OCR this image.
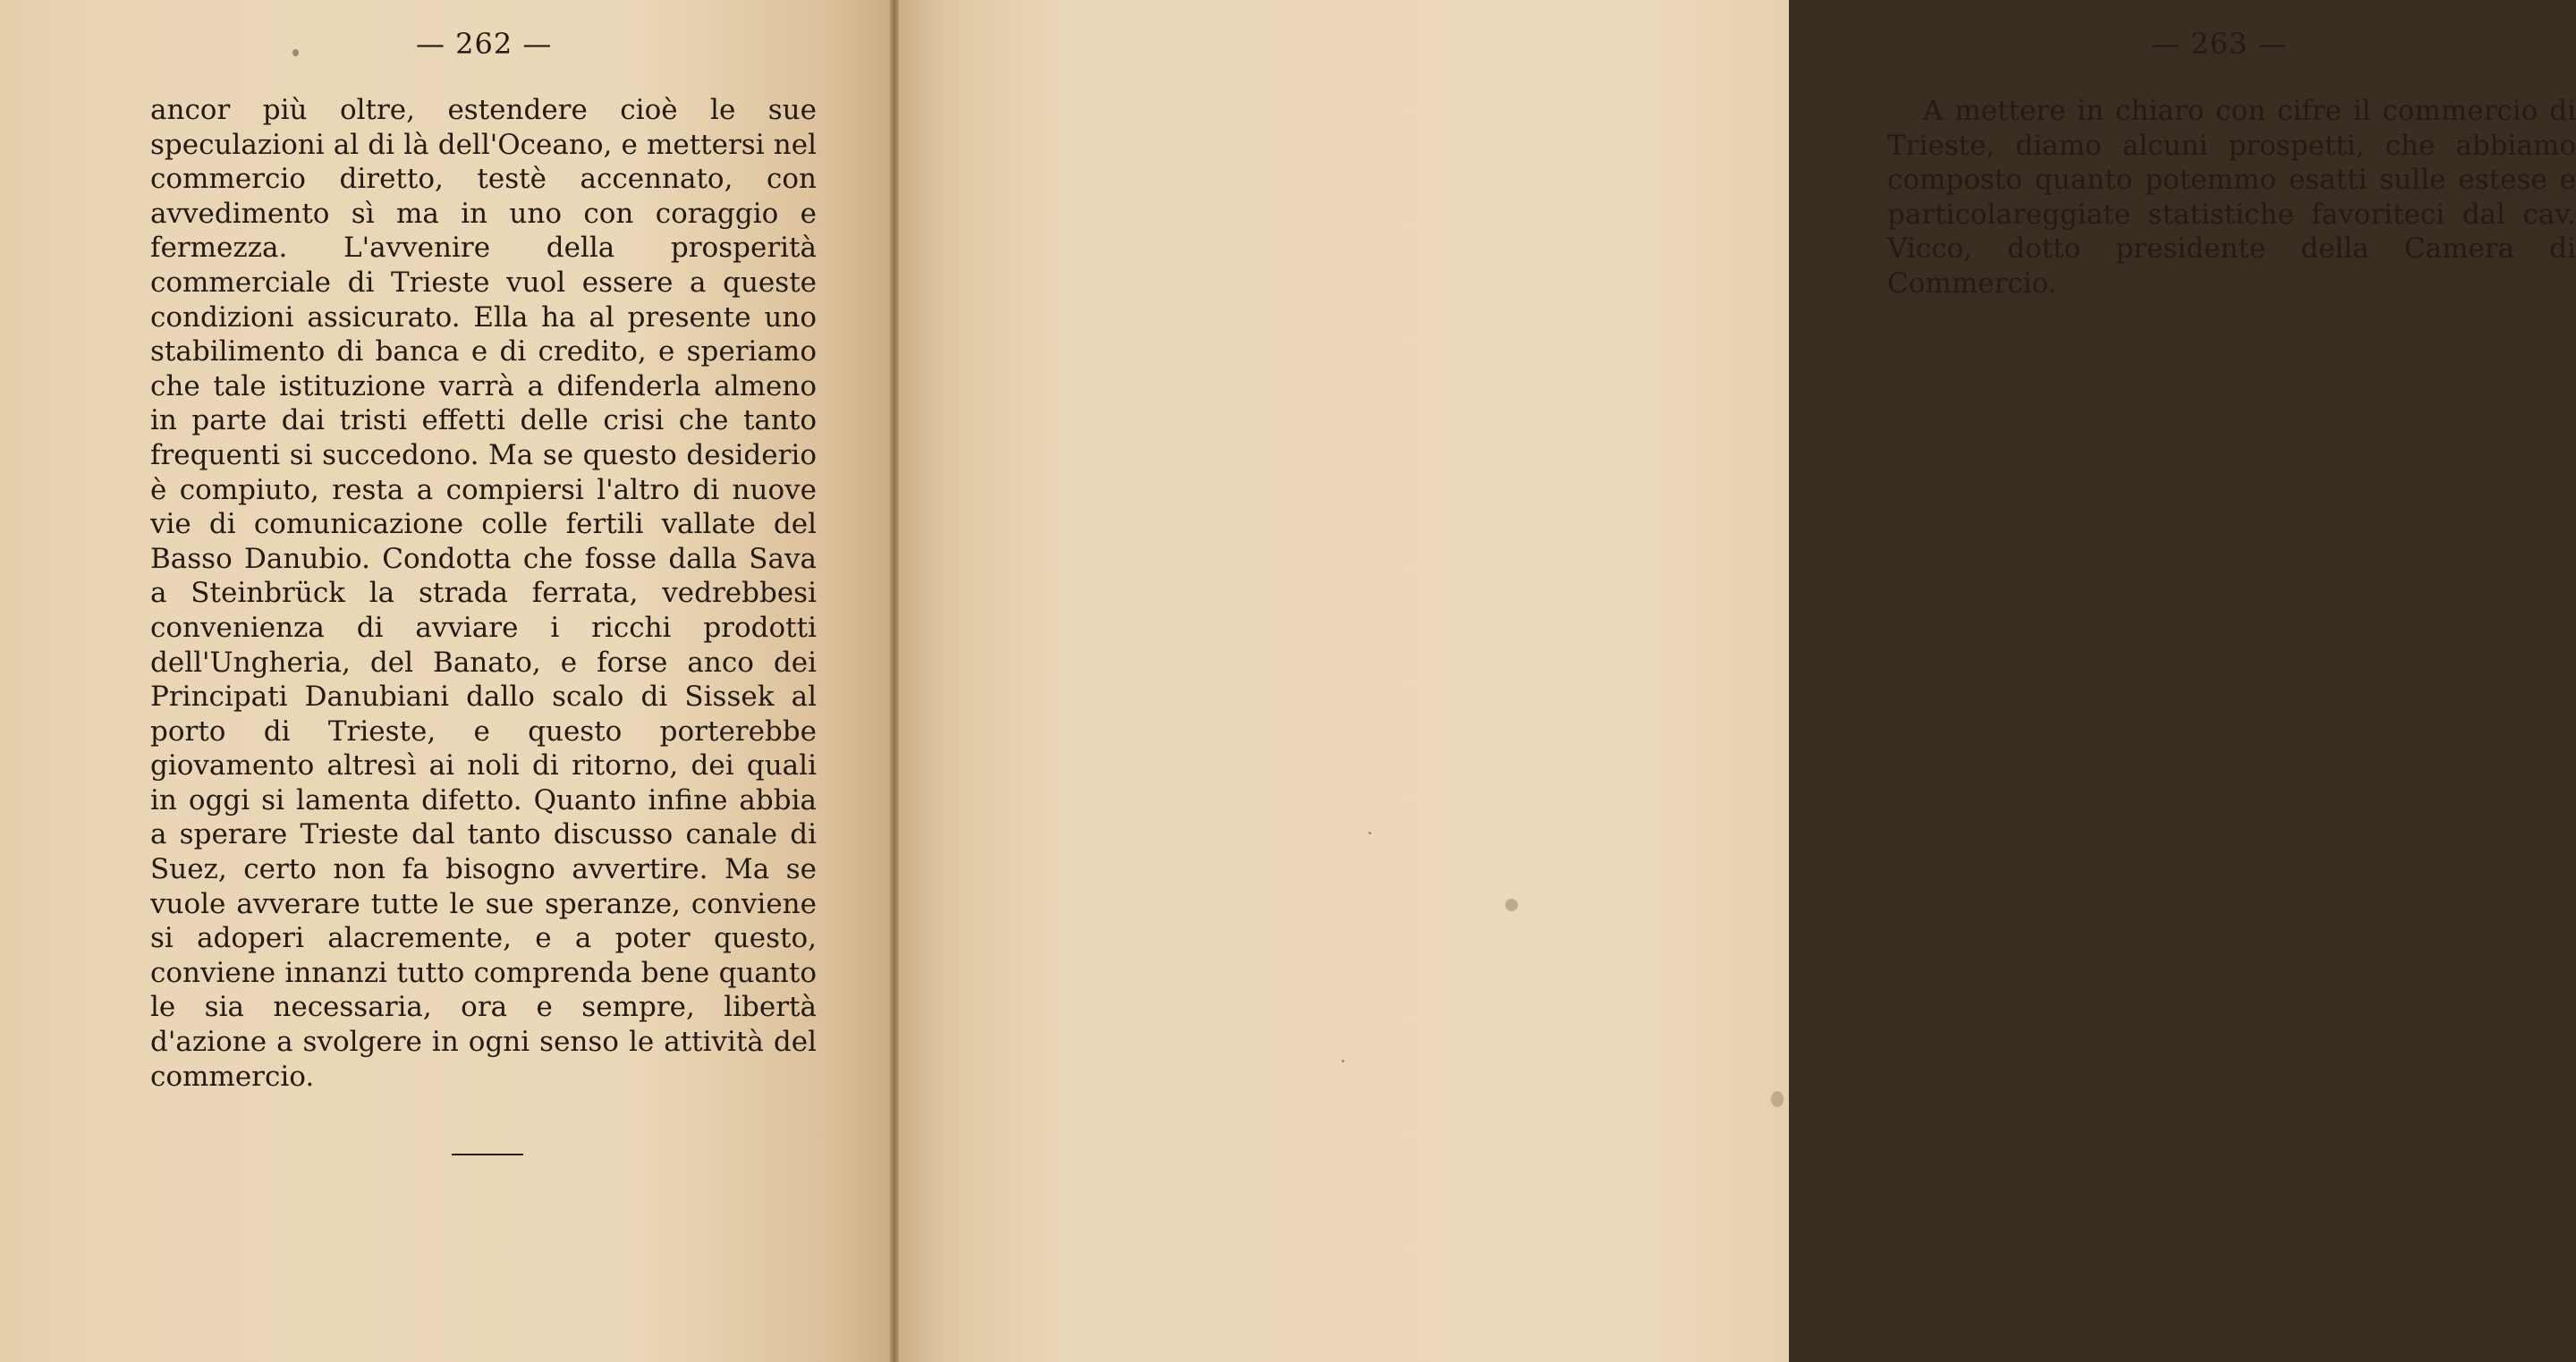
— 262 —

ancor più oltre, estendere cioè le sue speculazioni al di là dell'Oceano, e mettersi nel commercio diretto, testè accennato, con avvedimento sì ma in uno con coraggio e fermezza. L'avvenire della prosperità commerciale di Trieste vuol essere a queste condizioni assicurato. Ella ha al presente uno stabilimento di banca e di credito, e speriamo che tale istituzione varrà a difenderla almeno in parte dai tristi effetti delle crisi che tanto frequenti si succedono. Ma se questo desiderio è compiuto, resta a compiersi l'altro di nuove vie di comunicazione colle fertili vallate del Basso Danubio. Condotta che fosse dalla Sava a Steinbrück la strada ferrata, vedrebbesi convenienza di avviare i ricchi prodotti dell'Ungheria, del Banato, e forse anco dei Principati Danubiani dallo scalo di Sissek al porto di Trieste, e questo porterebbe giovamento altresì ai noli di ritorno, dei quali in oggi si lamenta difetto. Quanto infine abbia a sperare Trieste dal tanto discusso canale di Suez, certo non fa bisogno avvertire. Ma se vuole avverare tutte le sue speranze, conviene si adoperi alacremente, e a poter questo, conviene innanzi tutto comprenda bene quanto le sia necessaria, ora e sempre, libertà d'azione a svolgere in ogni senso le attività del commercio.

— 263 —

A mettere in chiaro con cifre il commercio di Trieste, diamo alcuni prospetti, che abbiamo composto quanto potemmo esatti sulle estese e particolareggiate statistiche favoriteci dal cav. Vicco, dotto presidente della Camera di Commercio.
